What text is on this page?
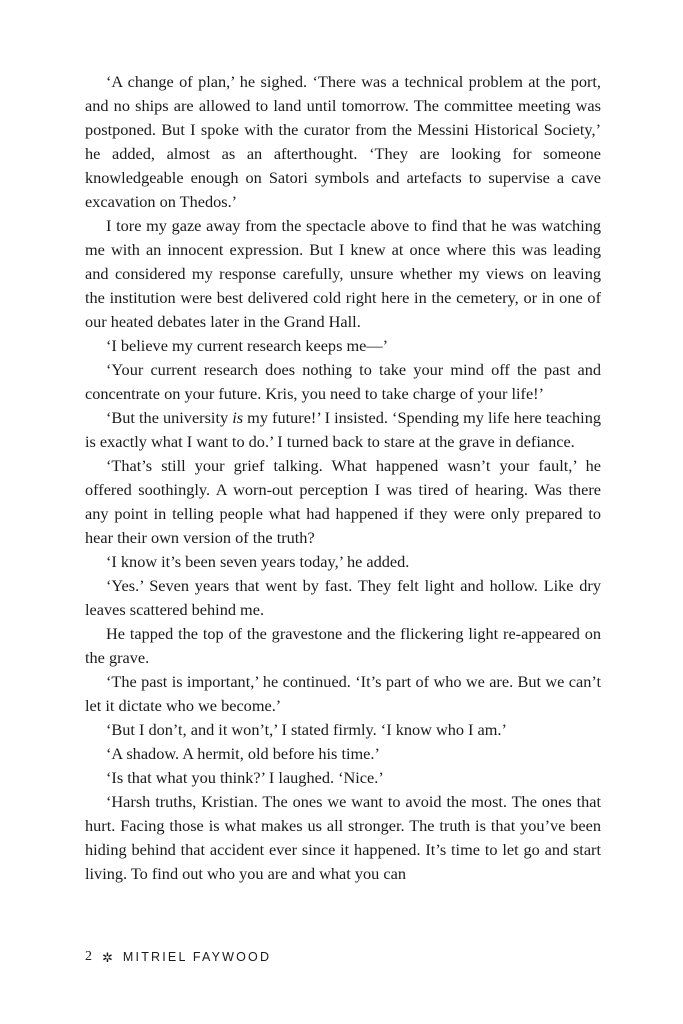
‘A change of plan,’ he sighed. ‘There was a technical problem at the port, and no ships are allowed to land until tomorrow. The committee meeting was postponed. But I spoke with the curator from the Messini Historical Society,’ he added, almost as an afterthought. ‘They are looking for someone knowledgeable enough on Satori symbols and artefacts to supervise a cave excavation on Thedos.’

I tore my gaze away from the spectacle above to find that he was watching me with an innocent expression. But I knew at once where this was leading and considered my response carefully, unsure whether my views on leaving the institution were best delivered cold right here in the cemetery, or in one of our heated debates later in the Grand Hall.

‘I believe my current research keeps me—’

‘Your current research does nothing to take your mind off the past and concentrate on your future. Kris, you need to take charge of your life!’

‘But the university is my future!’ I insisted. ‘Spending my life here teaching is exactly what I want to do.’ I turned back to stare at the grave in defiance.

‘That’s still your grief talking. What happened wasn’t your fault,’ he offered soothingly. A worn-out perception I was tired of hearing. Was there any point in telling people what had happened if they were only prepared to hear their own version of the truth?

‘I know it’s been seven years today,’ he added.

‘Yes.’ Seven years that went by fast. They felt light and hollow. Like dry leaves scattered behind me.

He tapped the top of the gravestone and the flickering light re-appeared on the grave.

‘The past is important,’ he continued. ‘It’s part of who we are. But we can’t let it dictate who we become.’

‘But I don’t, and it won’t,’ I stated firmly. ‘I know who I am.’

‘A shadow. A hermit, old before his time.’

‘Is that what you think?’ I laughed. ‘Nice.’

‘Harsh truths, Kristian. The ones we want to avoid the most. The ones that hurt. Facing those is what makes us all stronger. The truth is that you’ve been hiding behind that accident ever since it happened. It’s time to let go and start living. To find out who you are and what you can

2 ✲ MITRIEL FAYWOOD
